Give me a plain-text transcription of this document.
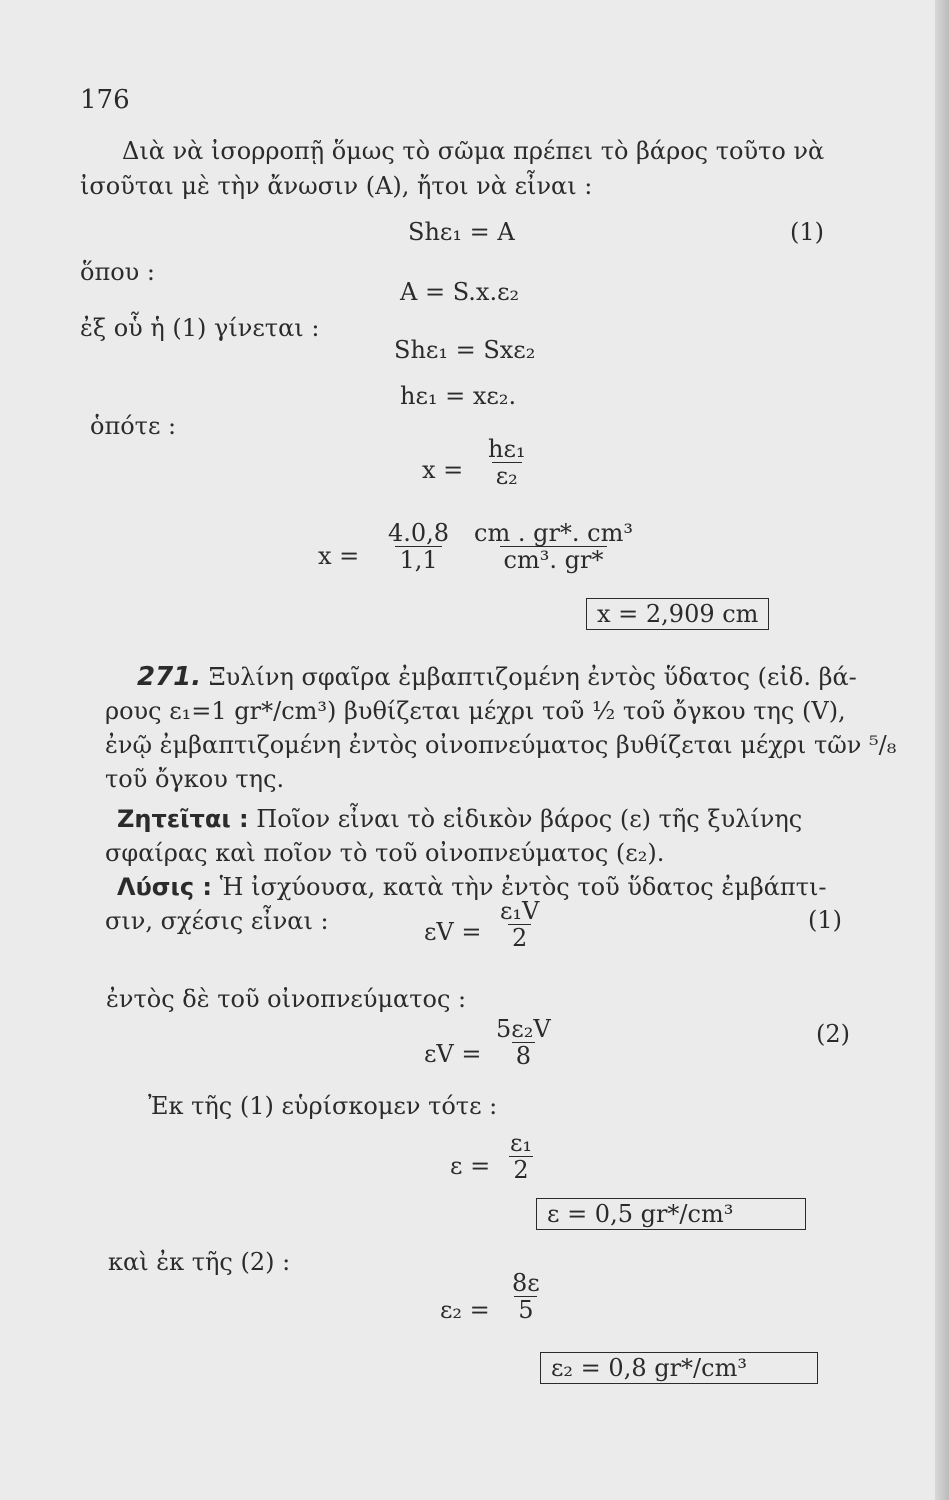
176
Διὰ νὰ ἰσορροπῇ ὅμως τὸ σῶμα πρέπει τὸ βάρος τοῦτο νὰ
ἰσοῦται μὲ τὴν ἄνωσιν (A), ἤτοι νὰ εἶναι :
Shε₁ = A	(1)
ὅπου :
A = S.x.ε₂
ἐξ οὗ ἡ (1) γίνεται :
Shε₁ = Sxε₂
hε₁ = xε₂.
ὁπότε :
$x = \frac{\text{hε₁}}{\text{ε₂}}$
$x = \frac{4.0,8}{1,1} \frac{\text{cm . gr*. cm³}}{\text{cm³. gr*}}$
x = 2,909 cm
271. Ξυλίνη σφαῖρα ἐμβαπτιζομένη ἐντὸς ὕδατος (εἰδ. βά-
ρους ε₁=1 gr*/cm³) βυθίζεται μέχρι τοῦ ½ τοῦ ὄγκου της (V),
ἐνῷ ἐμβαπτιζομένη ἐντὸς οἰνοπνεύματος βυθίζεται μέχρι τῶν ⁵/₈
τοῦ ὄγκου της.
Ζητεῖται : Ποῖον εἶναι τὸ εἰδικὸν βάρος (ε) τῆς ξυλίνης
σφαίρας καὶ ποῖον τὸ τοῦ οἰνοπνεύματος (ε₂).
Λύσις : Ἡ ἰσχύουσα, κατὰ τὴν ἐντὸς τοῦ ὕδατος ἐμβάπτι-
σιν, σχέσις εἶναι :	$\varepsilon V = \frac{\text{ε₁V}}{2}$	(1)
ἐντὸς δὲ τοῦ οἰνοπνεύματος :
$\varepsilon V = \frac{\text{5ε₂V}}{8}$	(2)
Ἐκ τῆς (1) εὑρίσκομεν τότε :
$\varepsilon = \frac{\text{ε₁}}{2}$
ε = 0,5 gr*/cm³
καὶ ἐκ τῆς (2) :
$\varepsilon_2 = \frac{8\varepsilon}{5}$
ε₂ = 0,8 gr*/cm³
